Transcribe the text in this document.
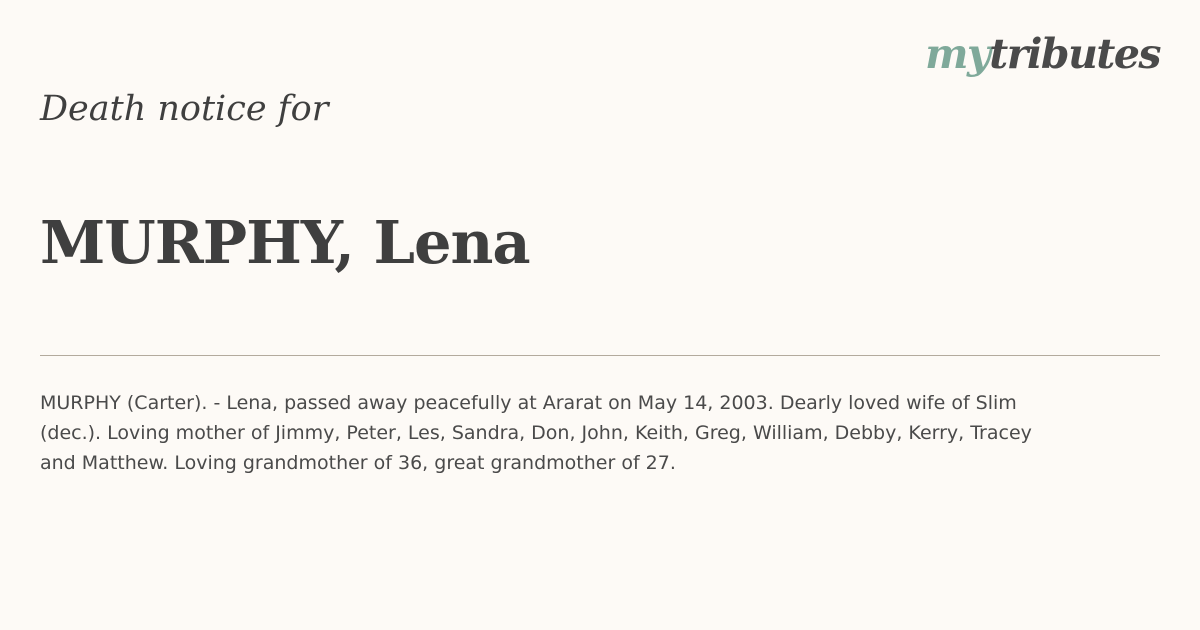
mytributes
Death notice for
MURPHY, Lena

MURPHY (Carter). - Lena, passed away peacefully at Ararat on May 14, 2003. Dearly loved wife of Slim
(dec.). Loving mother of Jimmy, Peter, Les, Sandra, Don, John, Keith, Greg, William, Debby, Kerry, Tracey
and Matthew. Loving grandmother of 36, great grandmother of 27.
